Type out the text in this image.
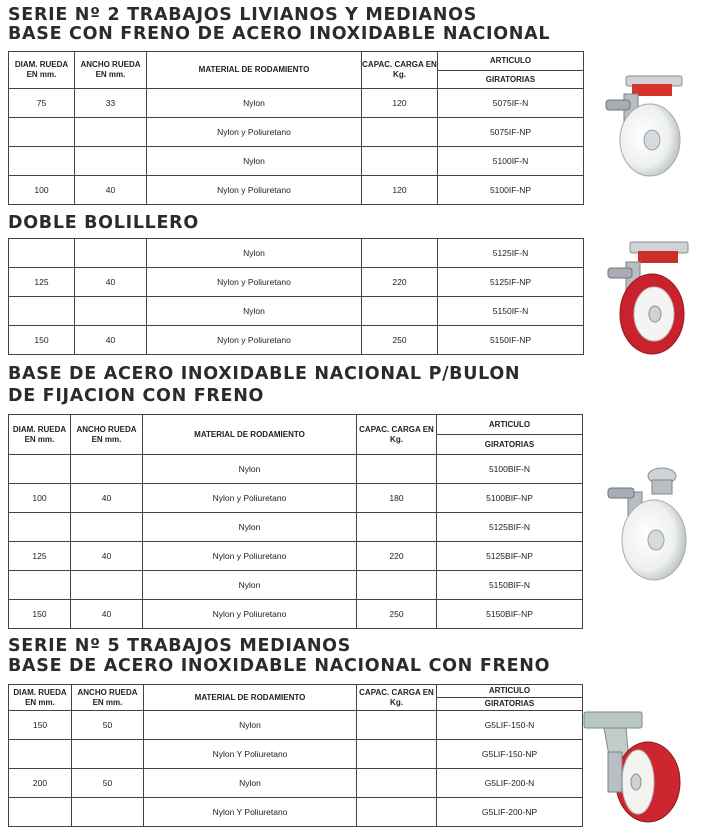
SERIE Nº 2 TRABAJOS LIVIANOS Y MEDIANOS
BASE CON FRENO DE ACERO INOXIDABLE NACIONAL
DIAM. RUEDA EN mm.	ANCHO RUEDA EN mm.	MATERIAL DE RODAMIENTO	CAPAC. CARGA EN Kg.	ARTICULO
				GIRATORIAS
75	33	Nylon	120	5075IF-N
		Nylon y Poliuretano		5075IF-NP
		Nylon		5100IF-N
100	40	Nylon y Poliuretano	120	5100IF-NP
DOBLE BOLILLERO
		Nylon		5125IF-N
125	40	Nylon y Poliuretano	220	5125IF-NP
		Nylon		5150IF-N
150	40	Nylon y Poliuretano	250	5150IF-NP
BASE DE ACERO INOXIDABLE NACIONAL P/BULON
DE FIJACION CON FRENO
DIAM. RUEDA EN mm.	ANCHO RUEDA EN mm.	MATERIAL DE RODAMIENTO	CAPAC. CARGA EN Kg.	ARTICULO
				GIRATORIAS
		Nylon		5100BIF-N
100	40	Nylon y Poliuretano	180	5100BIF-NP
		Nylon		5125BIF-N
125	40	Nylon y Poliuretano	220	5125BIF-NP
		Nylon		5150BIF-N
150	40	Nylon y Poliuretano	250	5150BIF-NP
SERIE Nº 5 TRABAJOS MEDIANOS
BASE DE ACERO INOXIDABLE NACIONAL CON FRENO
DIAM. RUEDA EN mm.	ANCHO RUEDA EN mm.	MATERIAL DE RODAMIENTO	CAPAC. CARGA EN Kg.	ARTICULO
				GIRATORIAS
150	50	Nylon		G5LIF-150-N
		Nylon Y Poliuretano		G5LIF-150-NP
200	50	Nylon		G5LIF-200-N
		Nylon Y Poliuretano		G5LIF-200-NP
